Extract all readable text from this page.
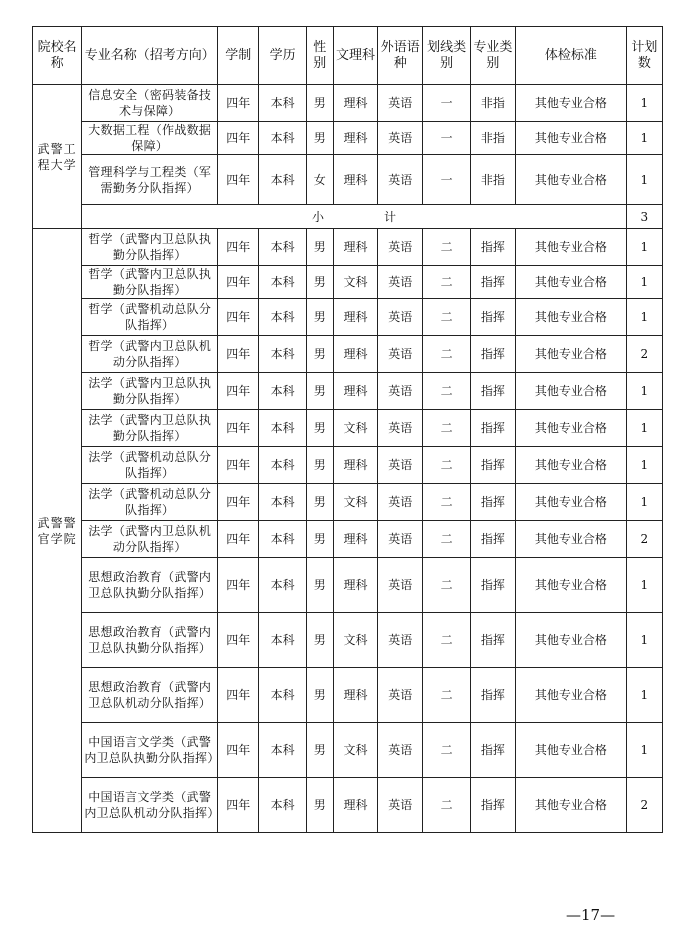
院校名称	专业名称（招考方向）	学制	学历	性别	文理科	外语语种	划线类别	专业类别	体检标准	计划数
武警工程大学	信息安全（密码装备技术与保障）	四年	本科	男	理科	英语	一	非指	其他专业合格	1
	大数据工程（作战数据保障）	四年	本科	男	理科	英语	一	非指	其他专业合格	1
	管理科学与工程类（军需勤务分队指挥）	四年	本科	女	理科	英语	一	非指	其他专业合格	1
	小 计									3
武警警官学院	哲学（武警内卫总队执勤分队指挥）	四年	本科	男	理科	英语	二	指挥	其他专业合格	1
	哲学（武警内卫总队执勤分队指挥）	四年	本科	男	文科	英语	二	指挥	其他专业合格	1
	哲学（武警机动总队分队指挥）	四年	本科	男	理科	英语	二	指挥	其他专业合格	1
	哲学（武警内卫总队机动分队指挥）	四年	本科	男	理科	英语	二	指挥	其他专业合格	2
	法学（武警内卫总队执勤分队指挥）	四年	本科	男	理科	英语	二	指挥	其他专业合格	1
	法学（武警内卫总队执勤分队指挥）	四年	本科	男	文科	英语	二	指挥	其他专业合格	1
	法学（武警机动总队分队指挥）	四年	本科	男	理科	英语	二	指挥	其他专业合格	1
	法学（武警机动总队分队指挥）	四年	本科	男	文科	英语	二	指挥	其他专业合格	1
	法学（武警内卫总队机动分队指挥）	四年	本科	男	理科	英语	二	指挥	其他专业合格	2
	思想政治教育（武警内卫总队执勤分队指挥）	四年	本科	男	理科	英语	二	指挥	其他专业合格	1
	思想政治教育（武警内卫总队执勤分队指挥）	四年	本科	男	文科	英语	二	指挥	其他专业合格	1
	思想政治教育（武警内卫总队机动分队指挥）	四年	本科	男	理科	英语	二	指挥	其他专业合格	1
	中国语言文学类（武警内卫总队执勤分队指挥）	四年	本科	男	文科	英语	二	指挥	其他专业合格	1
	中国语言文学类（武警内卫总队机动分队指挥）	四年	本科	男	理科	英语	二	指挥	其他专业合格	2
—17—
